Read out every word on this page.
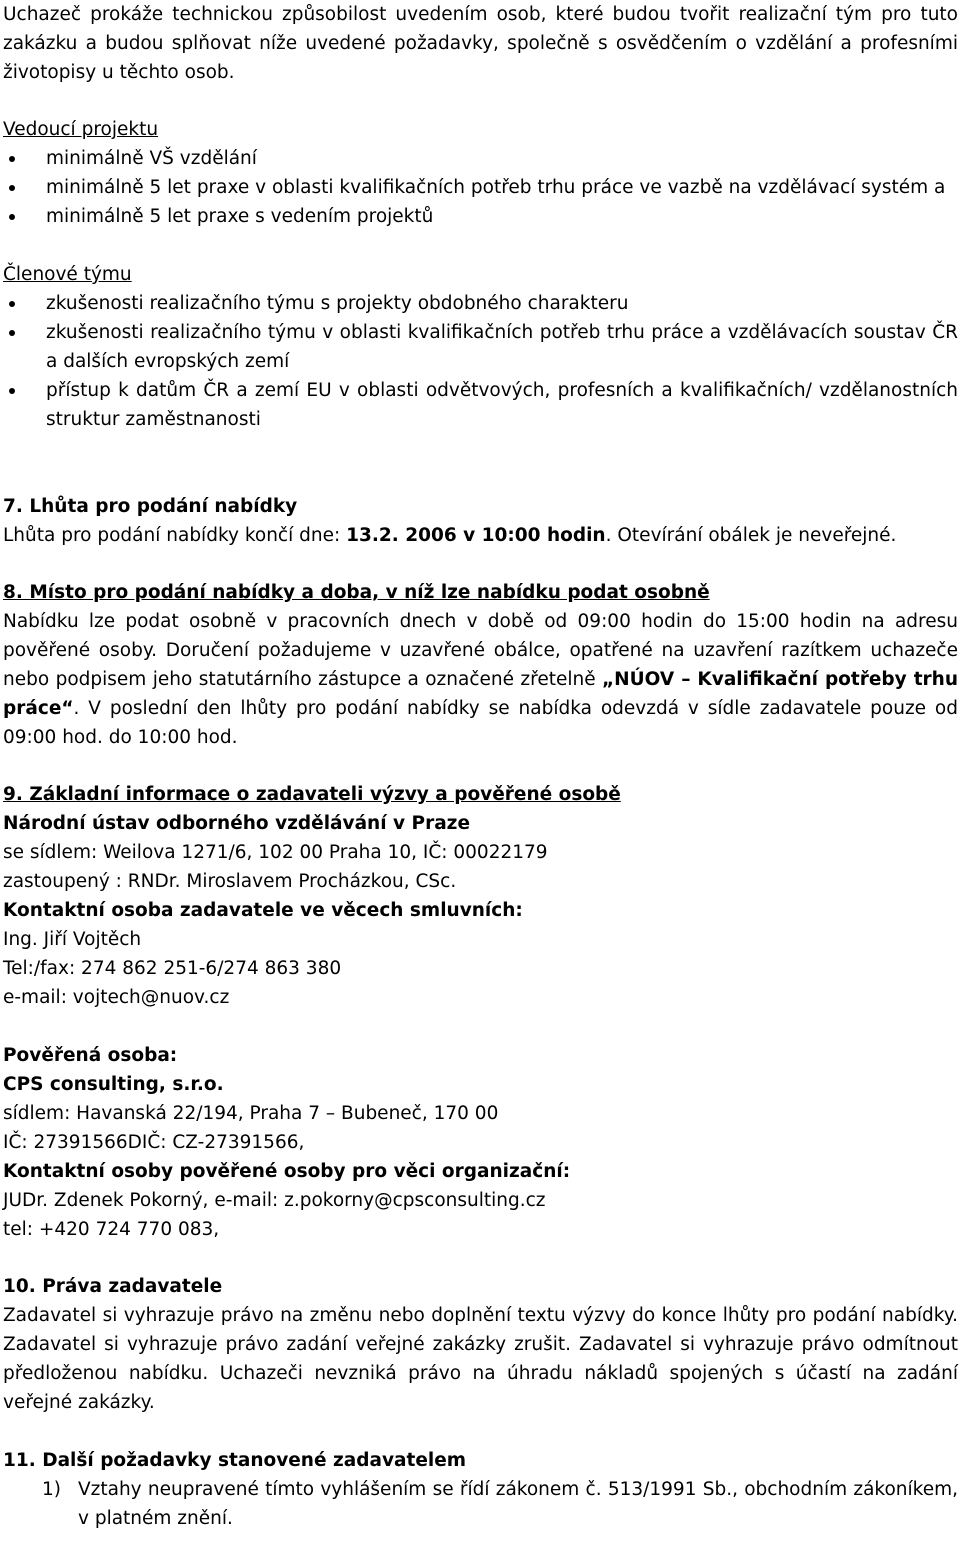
Uchazeč prokáže technickou způsobilost uvedením osob, které budou tvořit realizační tým pro tuto zakázku a budou splňovat níže uvedené požadavky, společně s osvědčením o vzdělání a profesními životopisy u těchto osob.

Vedoucí projektu

minimálně VŠ vzdělání
minimálně 5 let praxe v oblasti kvalifikačních potřeb trhu práce ve vazbě na vzdělávací systém a
minimálně 5 let praxe s vedením projektů

Členové týmu

zkušenosti realizačního týmu s projekty obdobného charakteru
zkušenosti realizačního týmu v oblasti kvalifikačních potřeb trhu práce a vzdělávacích soustav ČR a dalších evropských zemí
přístup k datům ČR a zemí EU v oblasti odvětvových, profesních a kvalifikačních/ vzdělanostních struktur zaměstnanosti

7. Lhůta pro podání nabídky

Lhůta pro podání nabídky končí dne: 13.2. 2006 v 10:00 hodin. Otevírání obálek je neveřejné.

8. Místo pro podání nabídky a doba, v níž lze nabídku podat osobně

Nabídku lze podat osobně v pracovních dnech v době od 09:00 hodin do 15:00 hodin na adresu pověřené osoby. Doručení požadujeme v uzavřené obálce, opatřené na uzavření razítkem uchazeče nebo podpisem jeho statutárního zástupce a označené zřetelně „NÚOV – Kvalifikační potřeby trhu práce“. V poslední den lhůty pro podání nabídky se nabídka odevzdá v sídle zadavatele pouze od 09:00 hod. do 10:00 hod.

9. Základní informace o zadavateli výzvy a pověřené osobě

Národní ústav odborného vzdělávání v Praze

se sídlem: Weilova 1271/6, 102 00 Praha 10, IČ: 00022179

zastoupený : RNDr. Miroslavem Procházkou, CSc.

Kontaktní osoba zadavatele ve věcech smluvních:

Ing. Jiří Vojtěch

Tel:/fax: 274 862 251-6/274 863 380

e-mail: vojtech@nuov.cz

Pověřená osoba:

CPS consulting, s.r.o.

sídlem: Havanská 22/194, Praha 7 – Bubeneč, 170 00

IČ: 27391566DIČ: CZ-27391566,

Kontaktní osoby pověřené osoby pro věci organizační:

JUDr. Zdenek Pokorný, e-mail: z.pokorny@cpsconsulting.cz

tel: +420 724 770 083,

10. Práva zadavatele

Zadavatel si vyhrazuje právo na změnu nebo doplnění textu výzvy do konce lhůty pro podání nabídky. Zadavatel si vyhrazuje právo zadání veřejné zakázky zrušit. Zadavatel si vyhrazuje právo odmítnout předloženou nabídku. Uchazeči nevzniká právo na úhradu nákladů spojených s účastí na zadání veřejné zakázky.

11. Další požadavky stanovené zadavatelem

1) Vztahy neupravené tímto vyhlášením se řídí zákonem č. 513/1991 Sb., obchodním zákoníkem, v platném znění.
